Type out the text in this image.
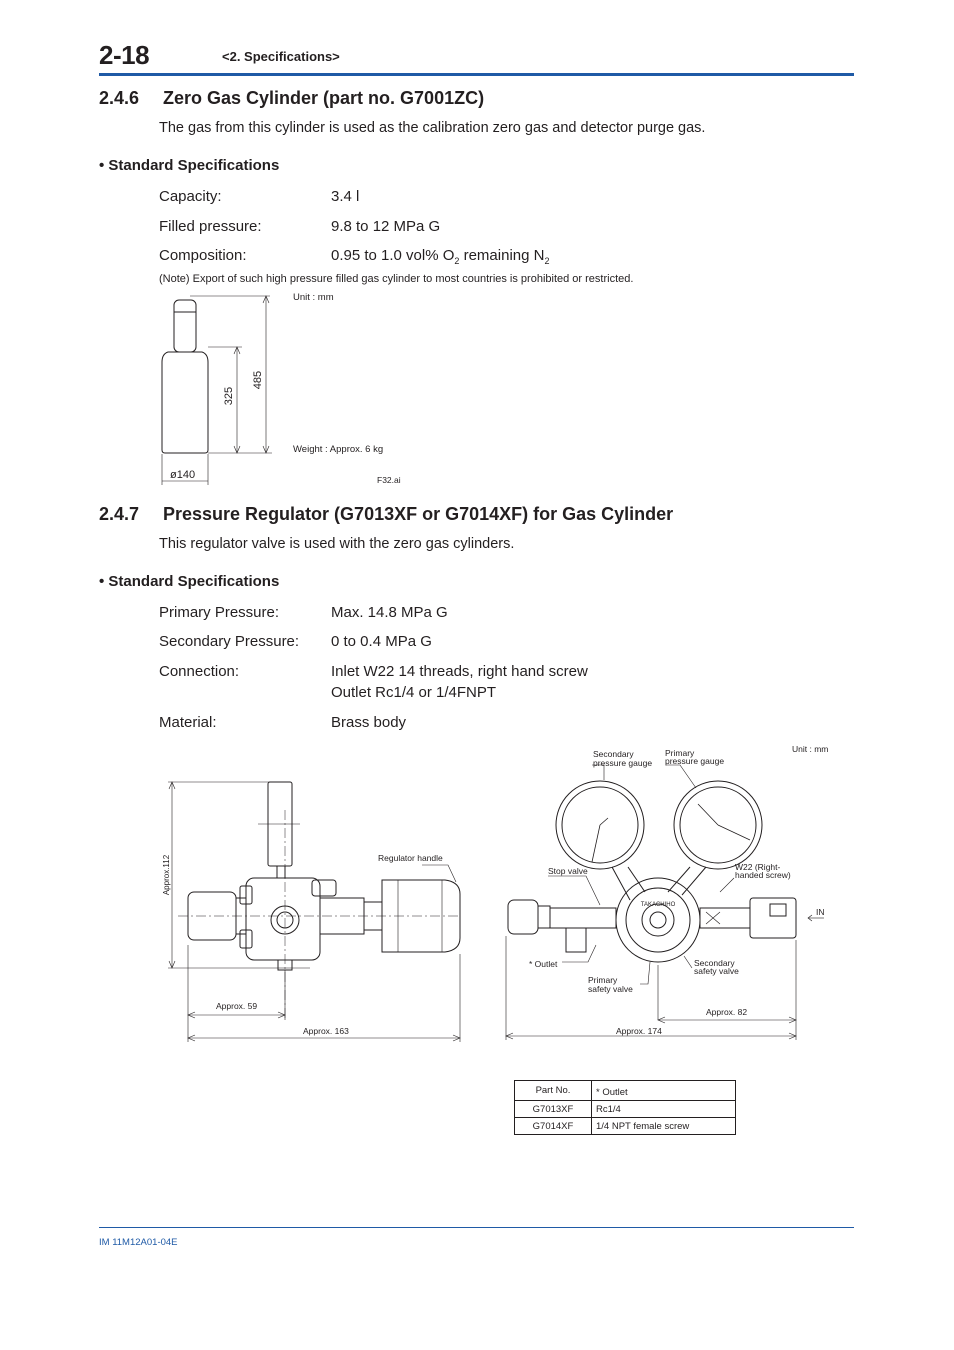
2-18	<2. Specifications>
2.4.6 Zero Gas Cylinder (part no. G7001ZC)
The gas from this cylinder is used as the calibration zero gas and detector purge gas.
• Standard Specifications
Capacity:	3.4 l
Filled pressure:	9.8 to 12 MPa G
Composition:	0.95 to 1.0 vol% $O_2$ remaining $N_2$
(Note) Export of such high pressure filled gas cylinder to most countries is prohibited or restricted.
485
325
ø140
Unit : mm
Weight : Approx. 6 kg
F32.ai
2.4.7 Pressure Regulator (G7013XF or G7014XF) for Gas Cylinder
This regulator valve is used with the zero gas cylinders.
• Standard Specifications
Primary Pressure:	Max. 14.8 MPa G
Secondary Pressure: 0 to 0.4 MPa G
Connection:	Inlet W22 14 threads, right hand screw
Outlet Rc1/4 or 1/4FNPT
Material:	Brass body
Approx.112	Regulator handle
Approx. 59
Approx. 163
TAKACHIHO
Unit : mm
Secondary
pressure gauge
Primary
pressure gauge
Stop valve	W22 (Right-
handed screw)
IN
* Outlet
Primary
safety valve
Secondary
safety valve
Approx. 82
Approx. 174
Part No.	* Outlet
G7013XF	Rc1/4
G7014XF	1/4 NPT female screw
IM 11M12A01-04E
